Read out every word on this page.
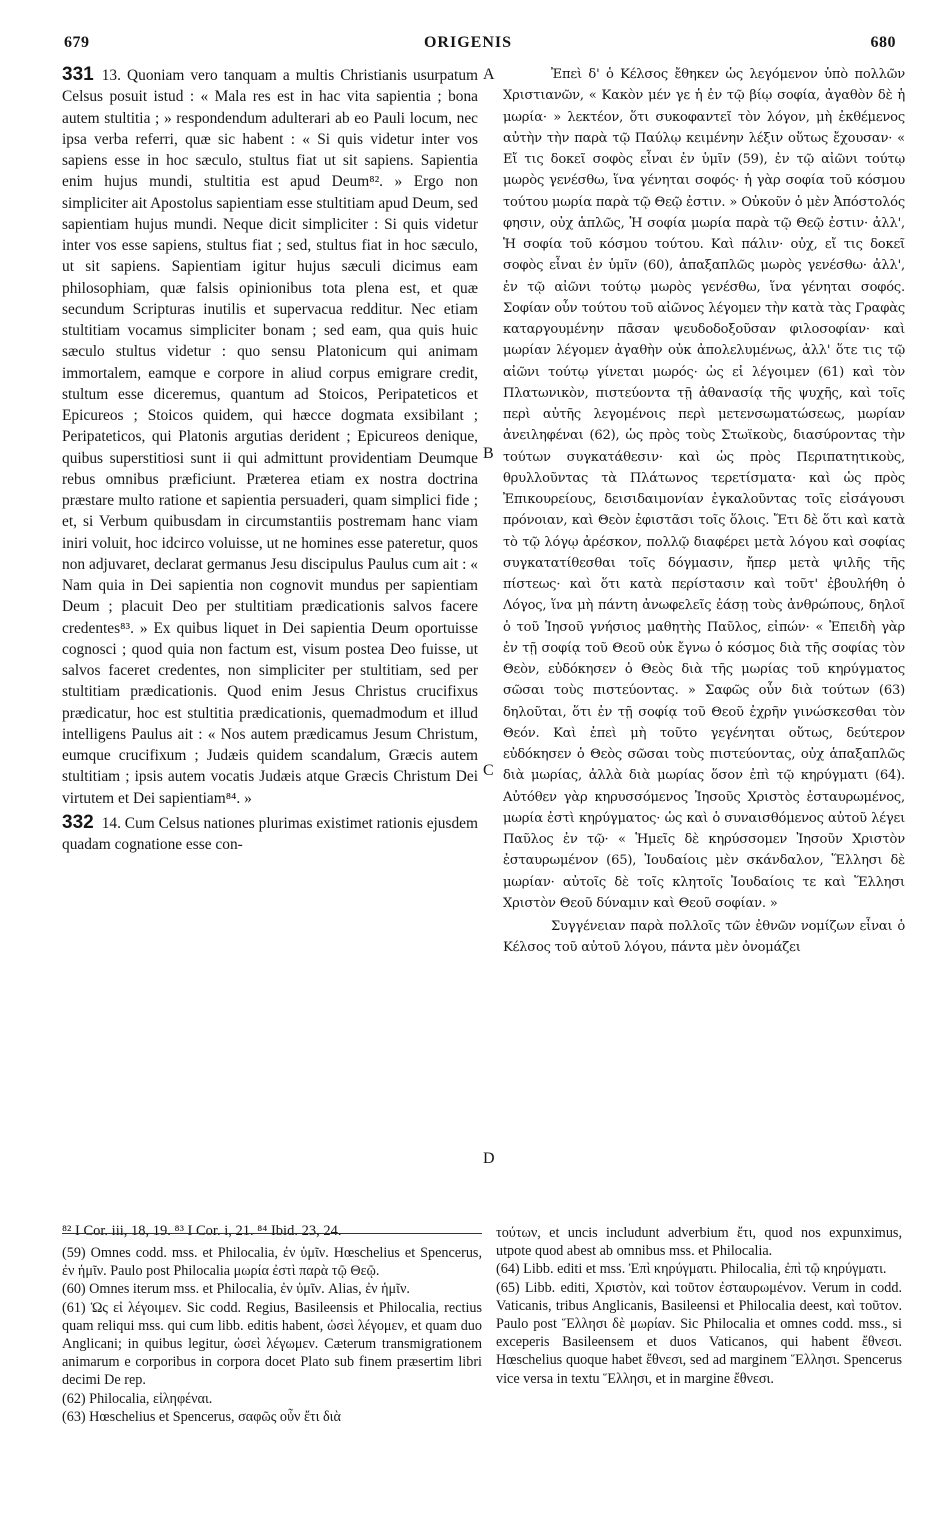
679	ORIGENIS	680

331 13. Quoniam vero tanquam a multis Christianis usurpatum Celsus posuit istud : « Mala res est in hac vita sapientia ; bona autem stultitia ; » respondendum adulterari ab eo Pauli locum, nec ipsa verba referri, quæ sic habent : « Si quis videtur inter vos sapiens esse in hoc sæculo, stultus fiat ut sit sapiens. Sapientia enim hujus mundi, stultitia est apud Deum⁸². » Ergo non simpliciter ait Apostolus sapientiam esse stultitiam apud Deum, sed sapientiam hujus mundi. Neque dicit simpliciter : Si quis videtur inter vos esse sapiens, stultus fiat ; sed, stultus fiat in hoc sæculo, ut sit sapiens. Sapientiam igitur hujus sæculi dicimus eam philosophiam, quæ falsis opinionibus tota plena est, et quæ secundum Scripturas inutilis et supervacua redditur. Nec etiam stultitiam vocamus simpliciter bonam ; sed eam, qua quis huic sæculo stultus videtur : quo sensu Platonicum qui animam immortalem, eamque e corpore in aliud corpus emigrare credit, stultum esse diceremus, quantum ad Stoicos, Peripateticos et Epicureos ; Stoicos quidem, qui hæcce dogmata exsibilant ; Peripateticos, qui Platonis argutias derident ; Epicureos denique, quibus superstitiosi sunt ii qui admittunt providentiam Deumque rebus omnibus præficiunt. Præterea etiam ex nostra doctrina præstare multo ratione et sapientia persuaderi, quam simplici fide ; et, si Verbum quibusdam in circumstantiis postremam hanc viam iniri voluit, hoc idcirco voluisse, ut ne homines esse pateretur, quos non adjuvaret, declarat germanus Jesu discipulus Paulus cum ait : « Nam quia in Dei sapientia non cognovit mundus per sapientiam Deum ; placuit Deo per stultitiam prædicationis salvos facere credentes⁸³. » Ex quibus liquet in Dei sapientia Deum oportuisse cognosci ; quod quia non factum est, visum postea Deo fuisse, ut salvos faceret credentes, non simpliciter per stultitiam, sed per stultitiam prædicationis. Quod enim Jesus Christus crucifixus prædicatur, hoc est stultitia prædicationis, quemadmodum et illud intelligens Paulus ait : « Nos autem prædicamus Jesum Christum, eumque crucifixum ; Judæis quidem scandalum, Græcis autem stultitiam ; ipsis autem vocatis Judæis atque Græcis Christum Dei virtutem et Dei sapientiam⁸⁴. »

332 14. Cum Celsus nationes plurimas existimet rationis ejusdem quadam cognatione esse con-

Ἐπεὶ δ' ὁ Κέλσος ἔθηκεν ὡς λεγόμενον ὑπὸ πολλῶν Χριστιανῶν, « Κακὸν μέν γε ἡ ἐν τῷ βίῳ σοφία, ἀγαθὸν δὲ ἡ μωρία· » λεκτέον, ὅτι συκοφαντεῖ τὸν λόγον, μὴ ἐκθέμενος αὐτὴν τὴν παρὰ τῷ Παύλῳ κειμένην λέξιν οὕτως ἔχουσαν· « Εἴ τις δοκεῖ σοφὸς εἶναι ἐν ὑμῖν (59), ἐν τῷ αἰῶνι τούτῳ μωρὸς γενέσθω, ἵνα γένηται σοφός· ἡ γὰρ σοφία τοῦ κόσμου τούτου μωρία παρὰ τῷ Θεῷ ἐστιν. » Οὐκοῦν ὁ μὲν Ἀπόστολός φησιν, οὐχ ἁπλῶς, Ἡ σοφία μωρία παρὰ τῷ Θεῷ ἐστιν· ἀλλ', Ἡ σοφία τοῦ κόσμου τούτου. Καὶ πάλιν· οὐχ, εἴ τις δοκεῖ σοφὸς εἶναι ἐν ὑμῖν (60), ἁπαξαπλῶς μωρὸς γενέσθω· ἀλλ', ἐν τῷ αἰῶνι τούτῳ μωρὸς γενέσθω, ἵνα γένηται σοφός. Σοφίαν οὖν τούτου τοῦ αἰῶνος λέγομεν τὴν κατὰ τὰς Γραφὰς καταργουμένην πᾶσαν ψευδοδοξοῦσαν φιλοσοφίαν· καὶ μωρίαν λέγομεν ἀγαθὴν οὐκ ἀπολελυμένως, ἀλλ' ὅτε τις τῷ αἰῶνι τούτῳ γίνεται μωρός· ὡς εἰ λέγοιμεν (61) καὶ τὸν Πλατωνικὸν, πιστεύοντα τῇ ἀθανασίᾳ τῆς ψυχῆς, καὶ τοῖς περὶ αὐτῆς λεγομένοις περὶ μετενσωματώσεως, μωρίαν ἀνειληφέναι (62), ὡς πρὸς τοὺς Στωϊκοὺς, διασύροντας τὴν τούτων συγκατάθεσιν· καὶ ὡς πρὸς Περιπατητικοὺς, θρυλλοῦντας τὰ Πλάτωνος τερετίσματα· καὶ ὡς πρὸς Ἐπικουρείους, δεισιδαιμονίαν ἐγκαλοῦντας τοῖς εἰσάγουσι πρόνοιαν, καὶ Θεὸν ἐφιστᾶσι τοῖς ὅλοις. Ἔτι δὲ ὅτι καὶ κατὰ τὸ τῷ λόγῳ ἀρέσκον, πολλῷ διαφέρει μετὰ λόγου καὶ σοφίας συγκατατίθεσθαι τοῖς δόγμασιν, ἤπερ μετὰ ψιλῆς τῆς πίστεως· καὶ ὅτι κατὰ περίστασιν καὶ τοῦτ' ἐβουλήθη ὁ Λόγος, ἵνα μὴ πάντη ἀνωφελεῖς ἐάσῃ τοὺς ἀνθρώπους, δηλοῖ ὁ τοῦ Ἰησοῦ γνήσιος μαθητὴς Παῦλος, εἰπών· « Ἐπειδὴ γὰρ ἐν τῇ σοφίᾳ τοῦ Θεοῦ οὐκ ἔγνω ὁ κόσμος διὰ τῆς σοφίας τὸν Θεὸν, εὐδόκησεν ὁ Θεὸς διὰ τῆς μωρίας τοῦ κηρύγματος σῶσαι τοὺς πιστεύοντας. » Σαφῶς οὖν διὰ τούτων (63) δηλοῦται, ὅτι ἐν τῇ σοφίᾳ τοῦ Θεοῦ ἐχρῆν γινώσκεσθαι τὸν Θεόν. Καὶ ἐπεὶ μὴ τοῦτο γεγένηται οὕτως, δεύτερον εὐδόκησεν ὁ Θεὸς σῶσαι τοὺς πιστεύοντας, οὐχ ἁπαξαπλῶς διὰ μωρίας, ἀλλὰ διὰ μωρίας ὅσον ἐπὶ τῷ κηρύγματι (64). Αὐτόθεν γὰρ κηρυσσόμενος Ἰησοῦς Χριστὸς ἐσταυρωμένος, μωρία ἐστὶ κηρύγματος· ὡς καὶ ὁ συναισθόμενος αὐτοῦ λέγει Παῦλος ἐν τῷ· « Ἡμεῖς δὲ κηρύσσομεν Ἰησοῦν Χριστὸν ἐσταυρωμένον (65), Ἰουδαίοις μὲν σκάνδαλον, Ἕλλησι δὲ μωρίαν· αὐτοῖς δὲ τοῖς κλητοῖς Ἰουδαίοις τε καὶ Ἕλλησι Χριστὸν Θεοῦ δύναμιν καὶ Θεοῦ σοφίαν. »

Συγγένειαν παρὰ πολλοῖς τῶν ἐθνῶν νομίζων εἶναι ὁ Κέλσος τοῦ αὐτοῦ λόγου, πάντα μὲν ὀνομάζει

A
B
C
D
⁸² I Cor. iii, 18, 19. ⁸³ I Cor. i, 21. ⁸⁴ Ibid. 23, 24.

(59) Omnes codd. mss. et Philocalia, ἐν ὑμῖν. Hœschelius et Spencerus, ἐν ἡμῖν. Paulo post Philocalia μωρία ἐστὶ παρὰ τῷ Θεῷ.

(60) Omnes iterum mss. et Philocalia, ἐν ὑμῖν. Alias, ἐν ἡμῖν.

(61) Ὡς εἰ λέγοιμεν. Sic codd. Regius, Basileensis et Philocalia, rectius quam reliqui mss. qui cum libb. editis habent, ὡσεὶ λέγομεν, et quam duo Anglicani; in quibus legitur, ὡσεὶ λέγωμεν. Cæterum transmigrationem animarum e corporibus in corpora docet Plato sub finem præsertim libri decimi De rep.

(62) Philocalia, εἰληφέναι.

(63) Hœschelius et Spencerus, σαφῶς οὖν ἔτι διὰ

τούτων, et uncis includunt adverbium ἔτι, quod nos expunximus, utpote quod abest ab omnibus mss. et Philocalia.

(64) Libb. editi et mss. Ἐπὶ κηρύγματι. Philocalia, ἐπὶ τῷ κηρύγματι.

(65) Libb. editi, Χριστὸν, καὶ τοῦτον ἐσταυρωμένον. Verum in codd. Vaticanis, tribus Anglicanis, Basileensi et Philocalia deest, καὶ τοῦτον. Paulo post Ἕλλησι δὲ μωρίαν. Sic Philocalia et omnes codd. mss., si exceperis Basileensem et duos Vaticanos, qui habent ἔθνεσι. Hœschelius quoque habet ἔθνεσι, sed ad marginem Ἕλλησι. Spencerus vice versa in textu Ἕλλησι, et in margine ἔθνεσι.
